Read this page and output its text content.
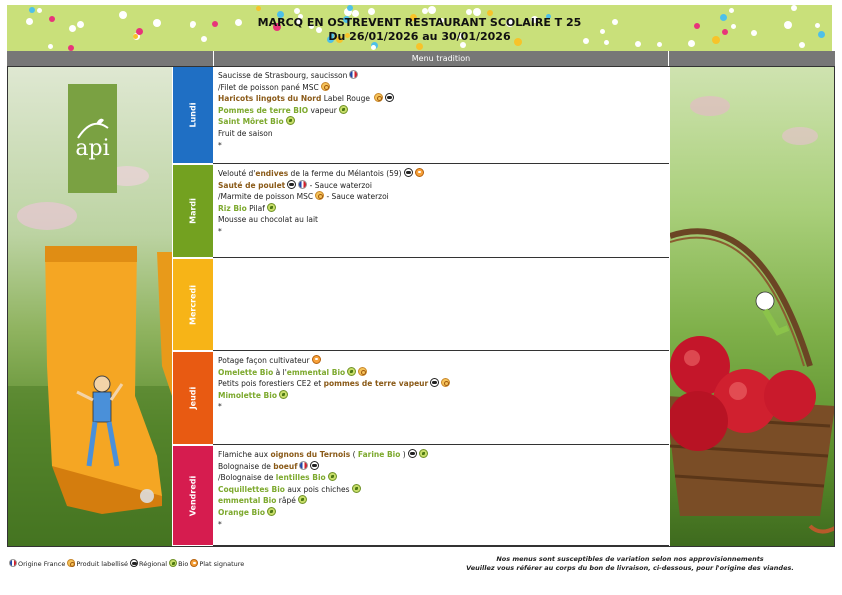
MARCQ EN OSTREVENT RESTAURANT SCOLAIRE T 25
Du 26/01/2026 au 30/01/2026
Menu tradition
api
Lundi
Saucisse de Strasbourg, saucisson
/Filet de poisson pané MSC
Haricots lingots du Nord Label Rouge
Pommes de terre BIO vapeur
Saint Môret Bio
Fruit de saison
*
Mardi
Velouté d'endives de la ferme du Mélantois (59)
Sauté de poulet	- Sauce waterzoi
/Marmite de poisson MSC - Sauce waterzoi
Riz Bio Pilaf
Mousse au chocolat au lait
*
Mercredi
Jeudi
Potage façon cultivateur
Omelette Bio à l'emmental Bio
Petits pois forestiers CE2 et pommes de terre vapeur
Mimolette Bio
*
Vendredi
Flamiche aux oignons du Ternois ( Farine Bio )
Bolognaise de boeuf
/Bolognaise de lentilles Bio
Coquillettes Bio aux pois chiches
emmental Bio râpé
Orange Bio
*
Origine France Produit labellisé Régional Bio Plat signature
Nos menus sont susceptibles de variation selon nos approvisionnements
Veuillez vous référer au corps du bon de livraison, ci-dessous, pour l'origine des viandes.
